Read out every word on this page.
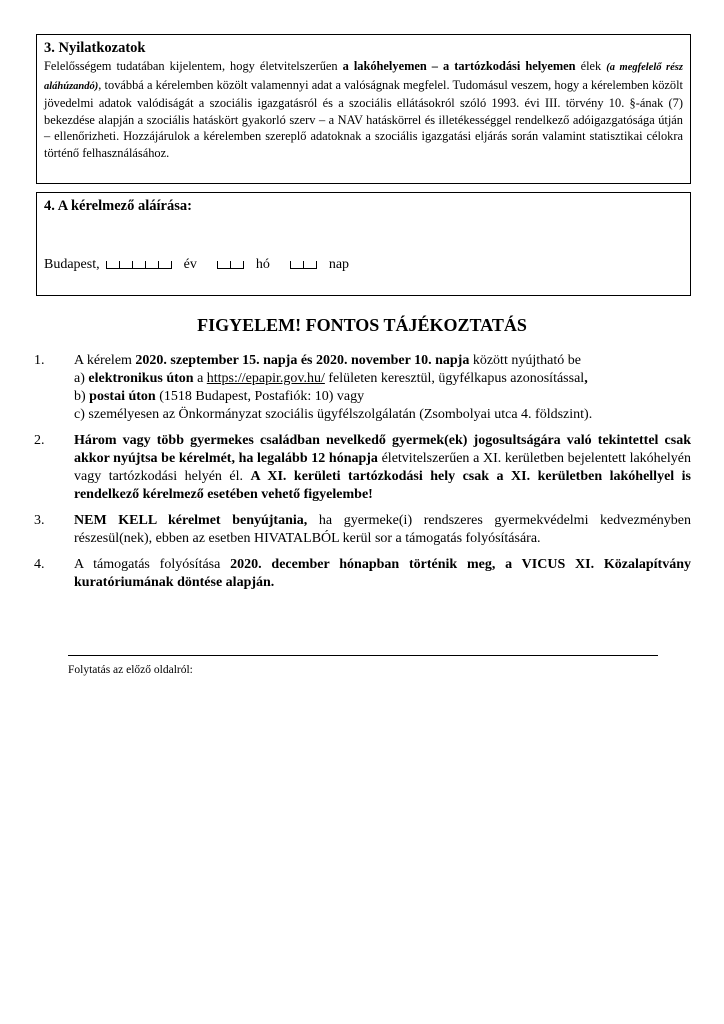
3. Nyilatkozatok
Felelősségem tudatában kijelentem, hogy életvitelszerűen a lakóhelyemen – a tartózkodási helyemen élek (a megfelelő rész aláhúzandó), továbbá a kérelemben közölt valamennyi adat a valóságnak megfelel. Tudomásul veszem, hogy a kérelemben közölt jövedelmi adatok valódiságát a szociális igazgatásról és a szociális ellátásokról szóló 1993. évi III. törvény 10. §-ának (7) bekezdése alapján a szociális hatáskört gyakorló szerv – a NAV hatáskörrel és illetékességgel rendelkező adóigazgatósága útján – ellenőrizheti. Hozzájárulok a kérelemben szereplő adatoknak a szociális igazgatási eljárás során valamint statisztikai célokra történő felhasználásához.
4. A kérelmező aláírása:
Budapest,	év	hó	nap
FIGYELEM! FONTOS TÁJÉKOZTATÁS
1.	A kérelem 2020. szeptember 15. napja és 2020. november 10. napja között nyújtható be
a) elektronikus úton a https://epapir.gov.hu/ felületen keresztül, ügyfélkapus azonosítással,
b) postai úton (1518 Budapest, Postafiók: 10) vagy
c) személyesen az Önkormányzat szociális ügyfélszolgálatán (Zsombolyai utca 4. földszint).
2.	Három vagy több gyermekes családban nevelkedő gyermek(ek) jogosultságára való tekintettel csak akkor nyújtsa be kérelmét, ha legalább 12 hónapja életvitelszerűen a XI. kerületben bejelentett lakóhelyén vagy tartózkodási helyén él. A XI. kerületi tartózkodási hely csak a XI. kerületben lakóhellyel is rendelkező kérelmező esetében vehető figyelembe!
3.	NEM KELL kérelmet benyújtania, ha gyermeke(i) rendszeres gyermekvédelmi kedvezményben részesül(nek), ebben az esetben HIVATALBÓL kerül sor a támogatás folyósítására.
4.	A támogatás folyósítása 2020. december hónapban történik meg, a VICUS XI. Közalapítvány kuratóriumának döntése alapján.
Folytatás az előző oldalról:
